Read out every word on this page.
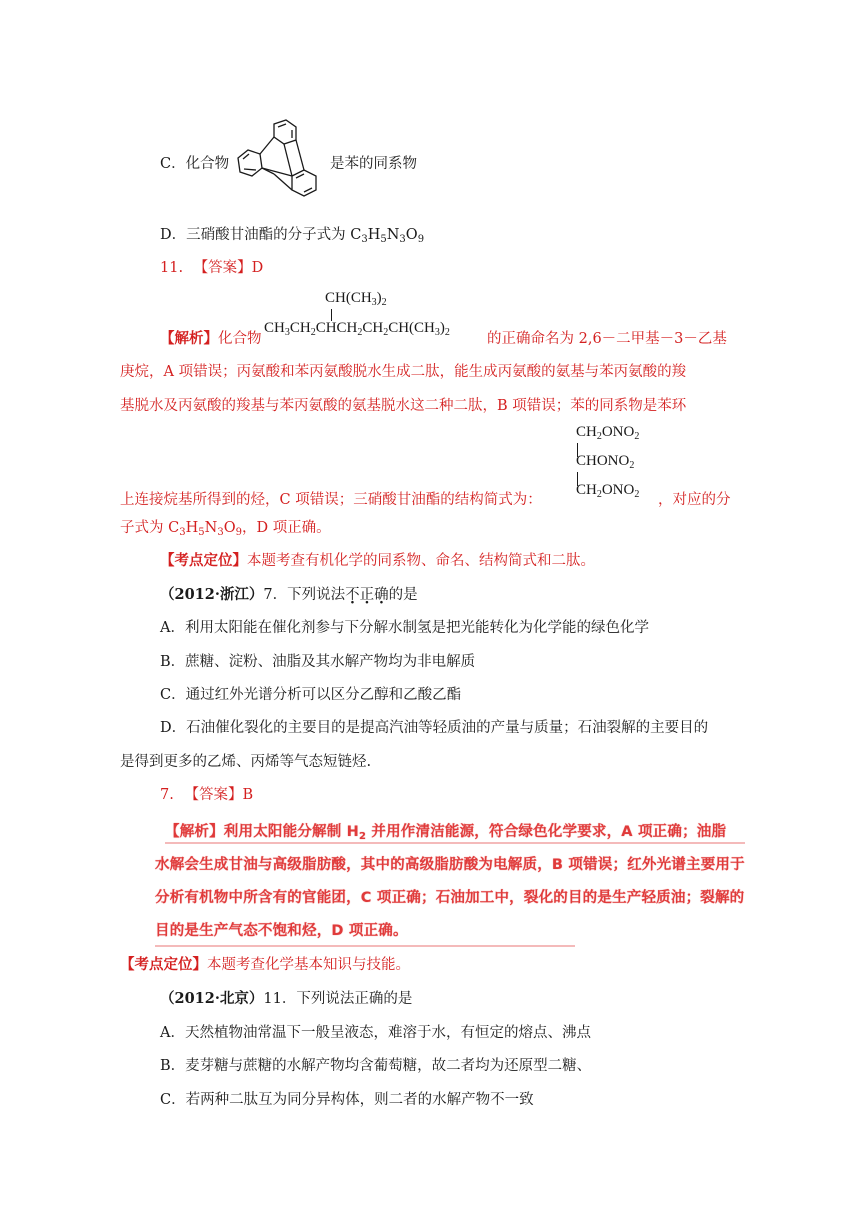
C．化合物	是苯的同系物
D．三硝酸甘油酯的分子式为 $C_3H_5N_3O_9$
11. 【答案】D
$CH(CH_3)_2$
$CH_3CH_2CHCH_2CH_2CH(CH_3)_2$
【解析】化合物	的正确命名为 2,6－二甲基－3－乙基
庚烷，A 项错误；丙氨酸和苯丙氨酸脱水生成二肽，能生成丙氨酸的氨基与苯丙氨酸的羧
基脱水及丙氨酸的羧基与苯丙氨酸的氨基脱水这二种二肽，B 项错误；苯的同系物是苯环
$CH_2ONO_2$
$CHONO_2$
$CH_2ONO_2$
上连接烷基所得到的烃，C 项错误；三硝酸甘油酯的结构简式为：	，对应的分
子式为 $C_3H_5N_3O_9$，D 项正确。
【考点定位】本题考查有机化学的同系物、命名、结构简式和二肽。
（2012·浙江）7．下列说法不正确的是
A．利用太阳能在催化剂参与下分解水制氢是把光能转化为化学能的绿色化学
B．蔗糖、淀粉、油脂及其水解产物均为非电解质
C．通过红外光谱分析可以区分乙醇和乙酸乙酯
D．石油催化裂化的主要目的是提高汽油等轻质油的产量与质量；石油裂解的主要目的
是得到更多的乙烯、丙烯等气态短链烃.
7. 【答案】B
【解析】利用太阳能分解制 $H_2$ 并用作清洁能源，符合绿色化学要求，A 项正确；油脂
水解会生成甘油与高级脂肪酸，其中的高级脂肪酸为电解质，B 项错误；红外光谱主要用于
分析有机物中所含有的官能团，C 项正确；石油加工中，裂化的目的是生产轻质油；裂解的
目的是生产气态不饱和烃，D 项正确。
【考点定位】本题考查化学基本知识与技能。
（2012·北京）11．下列说法正确的是
A．天然植物油常温下一般呈液态，难溶于水，有恒定的熔点、沸点
B．麦芽糖与蔗糖的水解产物均含葡萄糖，故二者均为还原型二糖、
C．若两种二肽互为同分异构体，则二者的水解产物不一致
